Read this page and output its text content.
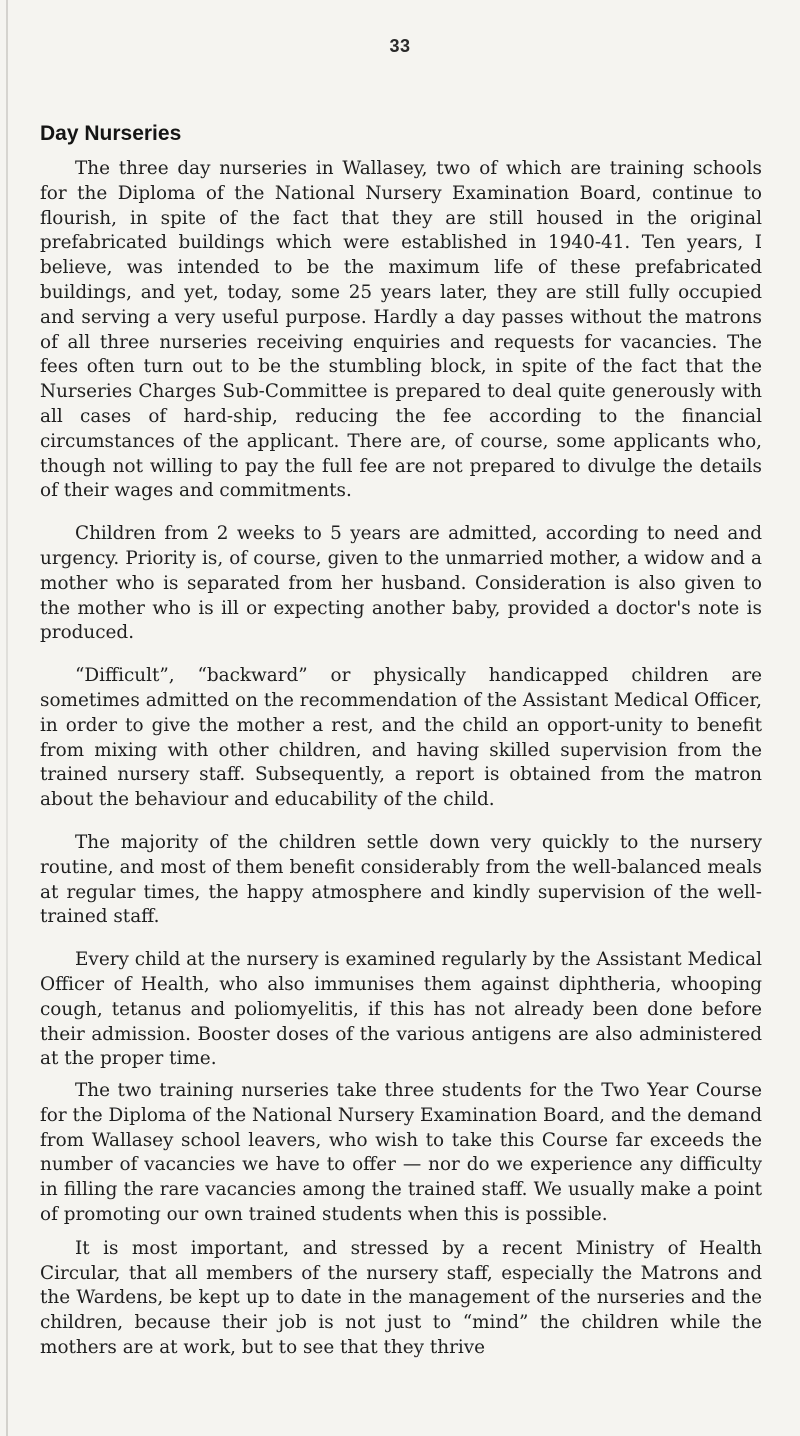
33
Day Nurseries

The three day nurseries in Wallasey, two of which are training schools for the Diploma of the National Nursery Examination Board, continue to flourish, in spite of the fact that they are still housed in the original prefabricated buildings which were established in 1940-41. Ten years, I believe, was intended to be the maximum life of these prefabricated buildings, and yet, today, some 25 years later, they are still fully occupied and serving a very useful purpose. Hardly a day passes without the matrons of all three nurseries receiving enquiries and requests for vacancies. The fees often turn out to be the stumbling block, in spite of the fact that the Nurseries Charges Sub-Committee is prepared to deal quite generously with all cases of hard-ship, reducing the fee according to the financial circumstances of the applicant. There are, of course, some applicants who, though not willing to pay the full fee are not prepared to divulge the details of their wages and commitments.

Children from 2 weeks to 5 years are admitted, according to need and urgency. Priority is, of course, given to the unmarried mother, a widow and a mother who is separated from her husband. Consideration is also given to the mother who is ill or expecting another baby, provided a doctor's note is produced.

“Difficult”, “backward” or physically handicapped children are sometimes admitted on the recommendation of the Assistant Medical Officer, in order to give the mother a rest, and the child an opport-unity to benefit from mixing with other children, and having skilled supervision from the trained nursery staff. Subsequently, a report is obtained from the matron about the behaviour and educability of the child.

The majority of the children settle down very quickly to the nursery routine, and most of them benefit considerably from the well-balanced meals at regular times, the happy atmosphere and kindly supervision of the well-trained staff.

Every child at the nursery is examined regularly by the Assistant Medical Officer of Health, who also immunises them against diphtheria, whooping cough, tetanus and poliomyelitis, if this has not already been done before their admission. Booster doses of the various antigens are also administered at the proper time.

The two training nurseries take three students for the Two Year Course for the Diploma of the National Nursery Examination Board, and the demand from Wallasey school leavers, who wish to take this Course far exceeds the number of vacancies we have to offer — nor do we experience any difficulty in filling the rare vacancies among the trained staff. We usually make a point of promoting our own trained students when this is possible.

It is most important, and stressed by a recent Ministry of Health Circular, that all members of the nursery staff, especially the Matrons and the Wardens, be kept up to date in the management of the nurseries and the children, because their job is not just to “mind” the children while the mothers are at work, but to see that they thrive
